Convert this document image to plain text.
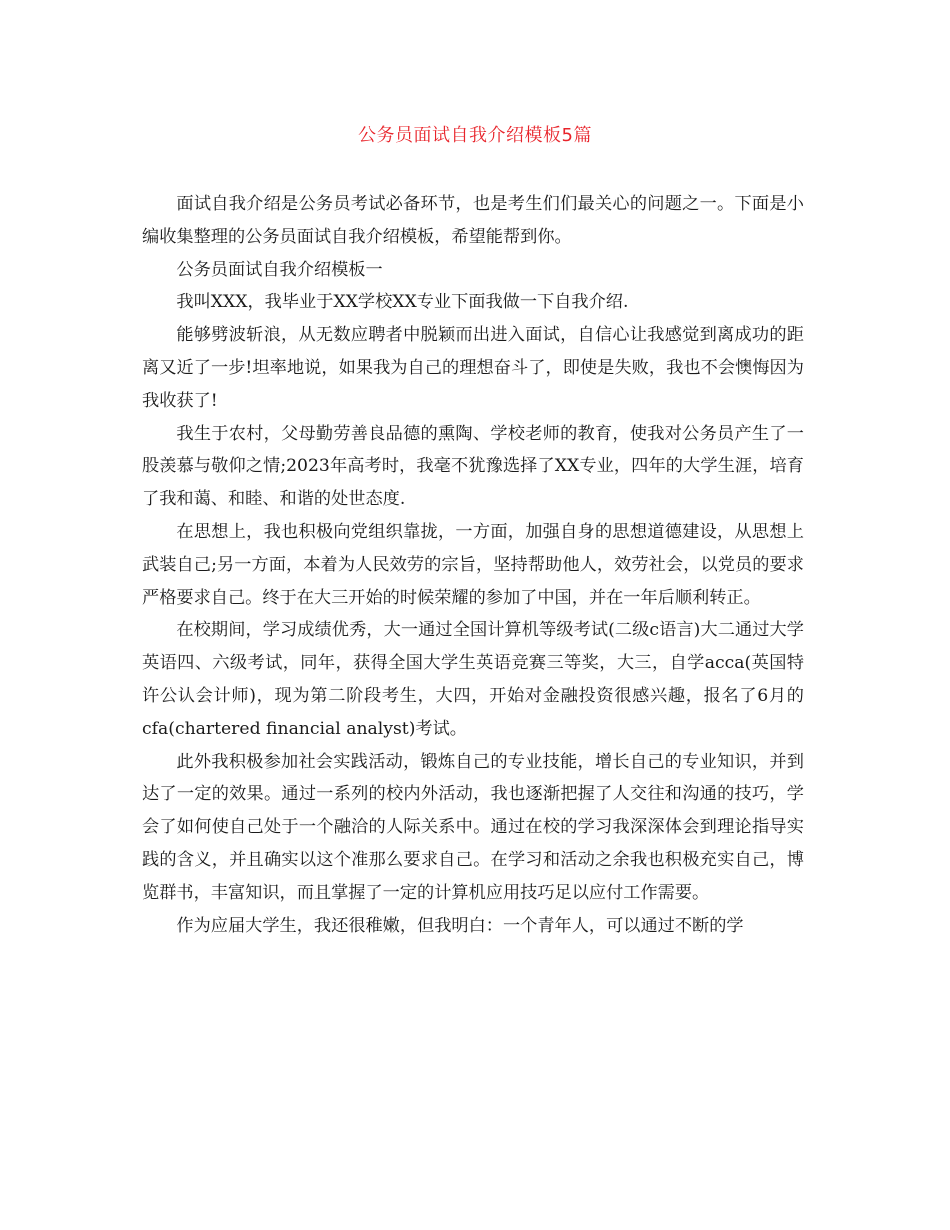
公务员面试自我介绍模板5篇

面试自我介绍是公务员考试必备环节，也是考生们们最关心的问题之一。下面是小编收集整理的公务员面试自我介绍模板，希望能帮到你。

公务员面试自我介绍模板一

我叫XXX，我毕业于XX学校XX专业下面我做一下自我介绍.

能够劈波斩浪，从无数应聘者中脱颖而出进入面试，自信心让我感觉到离成功的距离又近了一步!坦率地说，如果我为自己的理想奋斗了，即使是失败，我也不会懊悔因为我收获了!

我生于农村，父母勤劳善良品德的熏陶、学校老师的教育，使我对公务员产生了一股羡慕与敬仰之情;2023年高考时，我毫不犹豫选择了XX专业，四年的大学生涯，培育了我和蔼、和睦、和谐的处世态度.

在思想上，我也积极向党组织靠拢，一方面，加强自身的思想道德建设，从思想上武装自己;另一方面，本着为人民效劳的宗旨，坚持帮助他人，效劳社会，以党员的要求严格要求自己。终于在大三开始的时候荣耀的参加了中国，并在一年后顺利转正。

在校期间，学习成绩优秀，大一通过全国计算机等级考试(二级c语言)大二通过大学英语四、六级考试，同年，获得全国大学生英语竞赛三等奖，大三，自学acca(英国特许公认会计师)，现为第二阶段考生，大四，开始对金融投资很感兴趣，报名了6月的cfa(chartered financial analyst)考试。

此外我积极参加社会实践活动，锻炼自己的专业技能，增长自己的专业知识，并到达了一定的效果。通过一系列的校内外活动，我也逐渐把握了人交往和沟通的技巧，学会了如何使自己处于一个融洽的人际关系中。通过在校的学习我深深体会到理论指导实践的含义，并且确实以这个准那么要求自己。在学习和活动之余我也积极充实自己，博览群书，丰富知识，而且掌握了一定的计算机应用技巧足以应付工作需要。

作为应届大学生，我还很稚嫩，但我明白：一个青年人，可以通过不断的学
